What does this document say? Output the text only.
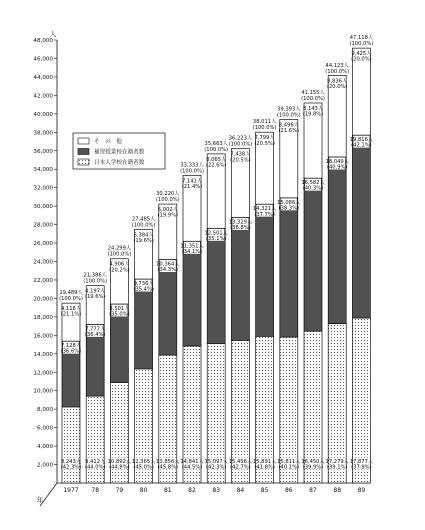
人
年
2,000
4,000
6,000
8,000
10,000
12,000
14,000
16,000
18,000
20,000
22,000
24,000
26,000
28,000
30,000
32,000
34,000
36,000
38,000
40,000
42,000
44,000
46,000
48,000
8,243人
(42.3%)
7,128人
(36.6%)
4,118人
(21.1%)
19,489人
(100.0%)
9,412人
(44.0%)
7,777人
(36.4%)
4,197人
(19.6%)
21,386人
(100.0%)
10,892人
(44.8%)
8,501人
(35.0%)
4,906人
(20.2%)
24,299人
(100.0%)
12,365人
(45.0%)
9,736人
(35.4%)
5,384人
(19.6%)
27,485人
(100.0%)
13,856人
(45.8%)
10,364人
(34.3%)
6,002人
(19.9%)
30,220人
(100.0%)
14,841人
(44.5%)
11,351人
(34.1%)
7,141人
(21.4%)
33,333人
(100.0%)
15,097人
(42.3%)
12,501人
(35.1%)
8,065人
(22.6%)
35,663人
(100.0%)
15,456人
(42.7%)
13,329人
(36.8%)
7,438人
(20.5%)
36,223人
(100.0%)
15,891人
(41.8%)
14,321人
(37.7%)
7,799人
(20.5%)
38,011人
(100.0%)
15,811人
(40.1%)
15,086人
(38.3%)
8,496人
(21.6%)
39,393人
(100.0%)
16,450人
(39.9%)
16,582人
(40.3%)
8,143人
(19.8%)
41,155人
(100.0%)
17,279人
(39.1%)
18,049人
(40.9%)
8,836人
(20.0%)
44,123人
(100.0%)
17,877人
(37.9%)
19,816人
(42.1%)
9,425人
(20.0%)
47,118人
(100.0%)
1977 78	79	80	81	82	83	84	85	86	87	88	89
そ　の　他
補習授業校在籍者数
日本人学校在籍者数
